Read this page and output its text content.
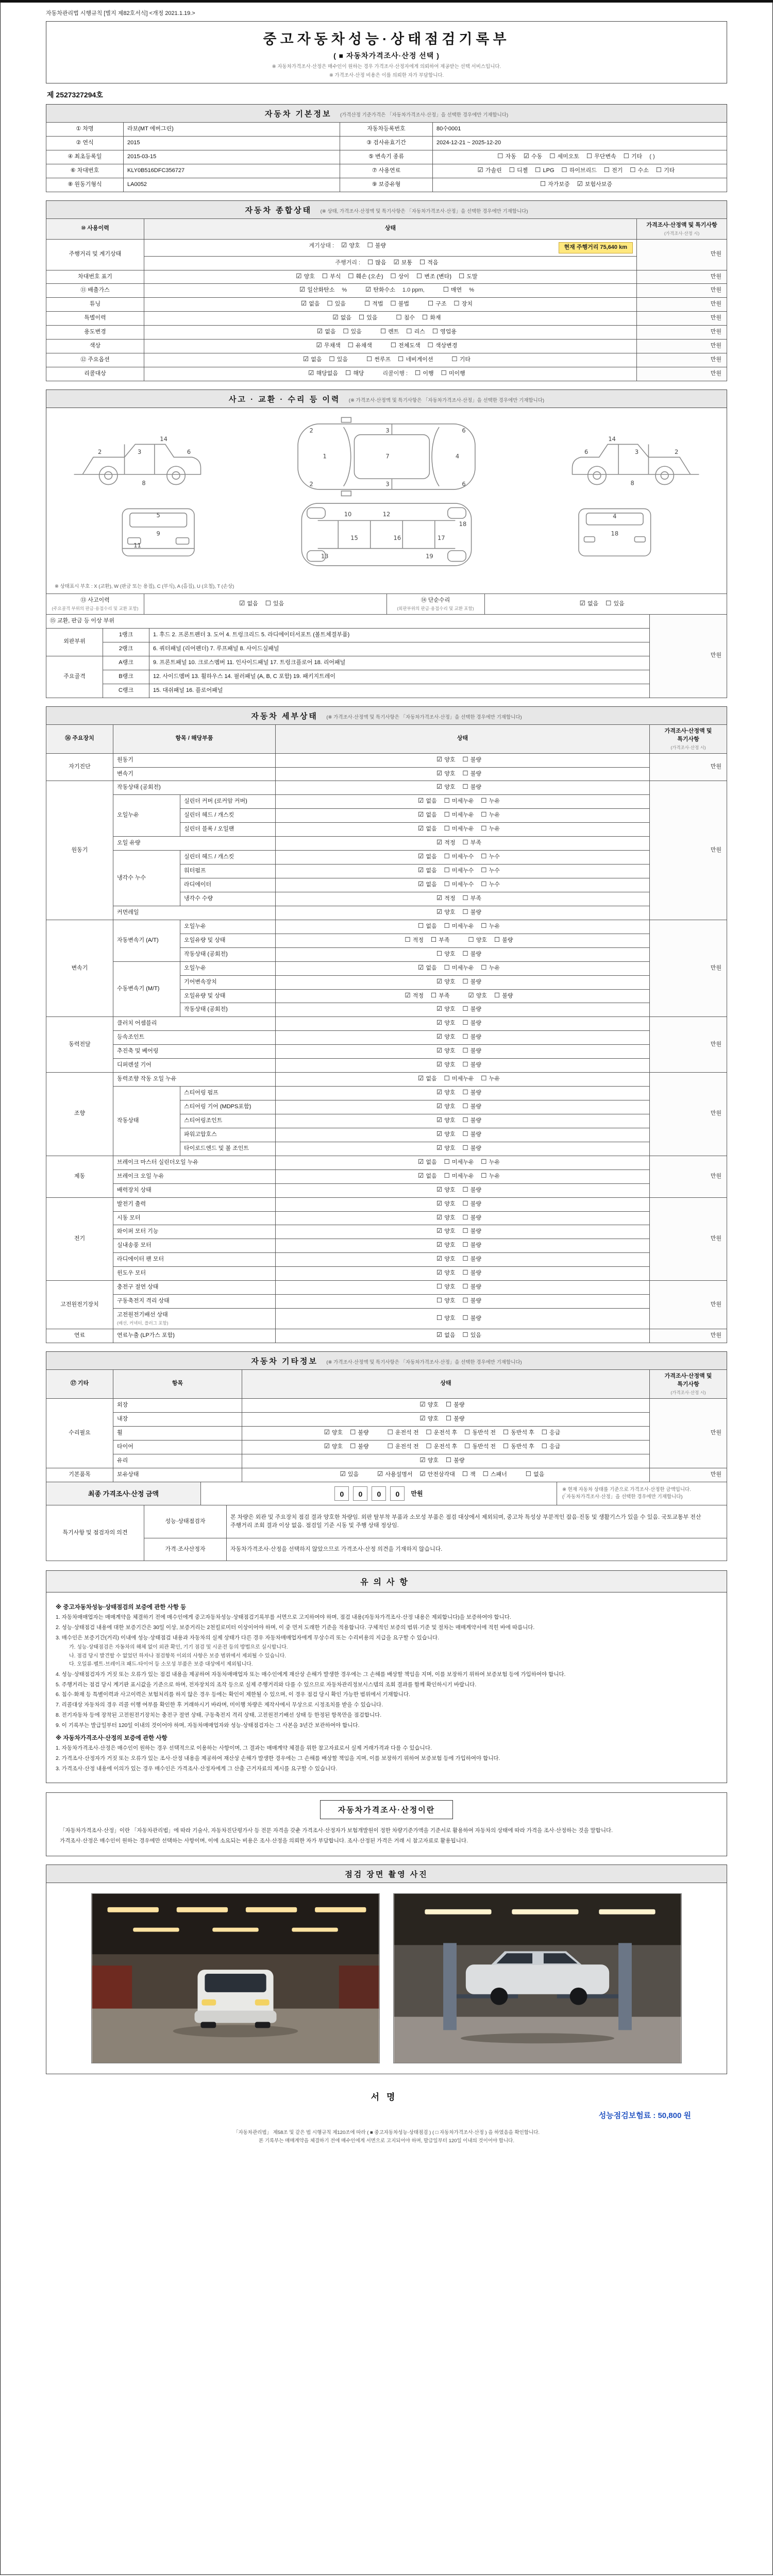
자동차관리법 시행규칙 [별지 제82호서식] <개정 2021.1.19.>
중고자동차성능·상태점검기록부
( ■ 자동차가격조사·산정 선택 )
※ 자동차가격조사·산정은 매수인이 원하는 경우 가격조사·산정자에게 의뢰하여 제공받는 선택 서비스입니다.
※ 가격조사·산정 비용은 이를 의뢰한 자가 부담합니다.
제 2527327294호
자동차 기본정보 (가격산정 기준가격은 「자동차가격조사·산정」을 선택한 경우에만 기재합니다)
① 차명	라보(MT 에버그린)	자동차등록번호	80수0001
② 연식	2015	③ 검사유효기간	2024-12-21 ~ 2025-12-20
④ 최초등록일	2015-03-15	⑤ 변속기 종류	☐ 자동 ☑ 수동 ☐ 세미오토 ☐ 무단변속 ☐ 기타 ( )

⑥ 차대번호	KLY0B516DFC356727	⑦ 사용연료	☑ 가솔린 ☐ 디젤 ☐ LPG ☐ 하이브리드 ☐ 전기 ☐ 수소 ☐ 기타

⑧ 원동기형식	LA0052	⑨ 보증유형	☐ 자가보증 ☑ 보험사보증
자동차 종합상태 (※ 상태, 가격조사·산정액 및 특기사항은 「자동차가격조사·산정」을 선택한 경우에만 기재합니다)
⑩ 사용이력	상태	가격조사·산정액 및 특기사항
(가격조사·산정 시)

주행거리 및 계기상태	현재 주행거리 75,640 km
계기상태 : ☑ 양호 ☐ 불량	만원

	주행거리 : ☐ 많음 ☑ 보통 ☐ 적음	

차대번호 표기	☑ 양호 ☐ 부식 ☐ 훼손 (오손) ☐ 상이 ☐ 변조 (변타) ☐ 도말	만원
⑪ 배출가스	☑ 일산화탄소 %	☑ 탄화수소 1.0 ppm,	☐ 매연 %	만원
튜닝	☑ 없음 ☐ 있음	☐ 적법 ☐ 불법	☐ 구조 ☐ 장치	만원
특별이력	☑ 없음 ☐ 있음 ☐ 침수 ☐ 화재	만원
용도변경	☑ 없음 ☐ 있음 ☐ 렌트 ☐ 리스 ☐ 영업용	만원
색상	☑ 무채색 ☐ 유채색 ☐ 전체도색 ☐ 색상변경	만원
⑫ 주요옵션	☑ 없음 ☐ 있음 ☐ 썬루프 ☐ 네비게이션 ☐ 기타	만원
리콜대상	☑ 해당없음 ☐ 해당 리콜이행 : ☐ 이행 ☐ 미이행	만원
사고 · 교환 · 수리 등 이력 (※ 가격조사·산정액 및 특기사항은 「자동차가격조사·산정」을 선택한 경우에만 기재합니다)
1	7	4
3
3
2
2
6
6
2	3	6
8
14
6	3	2
8
14
5
9
11
10	12
13
15	16	17
18
19
18
4
※ 상태표시 부호 : X (교환), W (판금 또는 용접), C (부식), A (흠집), U (요철), T (손상)
⑬ 사고이력
(주요골격 부위의 판금·용접수리 및 교환 포함)

☑ 없음 ☐ 있음
	⑭ 단순수리
(외판부위의 판금·용접수리 및 교환 포함)

☑ 없음 ☐ 있음
⑮ 교환, 판금 등 이상 부위			만원
외판부위	1랭크	1. 후드 2. 프론트펜더 3. 도어 4. 트렁크리드 5. 라디에이터서포트 (볼트체결부품)	
	2랭크	6. 쿼터패널 (리어펜더) 7. 루프패널 8. 사이드실패널	
주요골격	A랭크	9. 프론트패널 10. 크로스멤버 11. 인사이드패널 17. 트렁크플로어 18. 리어패널	
	B랭크	12. 사이드멤버 13. 휠하우스 14. 필러패널 (A, B, C 포함) 19. 패키지트레이	
	C랭크	15. 대쉬패널 16. 플로어패널	
자동차 세부상태 (※ 가격조사·산정액 및 특기사항은 「자동차가격조사·산정」을 선택한 경우에만 기재합니다)
⑯ 주요장치	항목 / 해당부품		상태	가격조사·산정액 및 특기사항
(가격조사·산정 시)

자기진단	원동기		☑ 양호 ☐ 불량	만원
	변속기		☑ 양호 ☐ 불량	

원동기	작동상태 (공회전)		☑ 양호 ☐ 불량	만원
	오일누유	실린더 커버 (로커암 커버)	☑ 없음 ☐ 미세누유 ☐ 누유	

		실린더 헤드 / 개스킷	☑ 없음 ☐ 미세누유 ☐ 누유	

		실린더 블록 / 오일팬	☑ 없음 ☐ 미세누유 ☐ 누유	

	오일 유량		☑ 적정 ☐ 부족	

	냉각수 누수	실린더 헤드 / 개스킷	☑ 없음 ☐ 미세누수 ☐ 누수	

		워터펌프	☑ 없음 ☐ 미세누수 ☐ 누수	

		라디에이터	☑ 없음 ☐ 미세누수 ☐ 누수	

		냉각수 수량	☑ 적정 ☐ 부족	

	커먼레일		☑ 양호 ☐ 불량	

변속기	자동변속기 (A/T)	오일누유	☐ 없음 ☐ 미세누유 ☐ 누유	만원
		오일유량 및 상태	☐ 적정 ☐ 부족 ☐ 양호 ☐ 불량	

		작동상태 (공회전)	☐ 양호 ☐ 불량	

	수동변속기 (M/T)	오일누유	☑ 없음 ☐ 미세누유 ☐ 누유	

		기어변속장치	☑ 양호 ☐ 불량	

		오일유량 및 상태	☑ 적정 ☐ 부족 ☑ 양호 ☐ 불량	

		작동상태 (공회전)	☑ 양호 ☐ 불량	

동력전달	클러치 어셈블리		☑ 양호 ☐ 불량	만원
	등속조인트		☑ 양호 ☐ 불량	

	추진축 및 베어링		☑ 양호 ☐ 불량	

	디퍼렌셜 기어		☑ 양호 ☐ 불량	

조향	동력조향 작동 오일 누유		☑ 없음 ☐ 미세누유 ☐ 누유	만원
	작동상태	스티어링 펌프	☑ 양호 ☐ 불량	

		스티어링 기어 (MDPS포함)	☑ 양호 ☐ 불량	

		스티어링조인트	☑ 양호 ☐ 불량	

		파워고압호스	☑ 양호 ☐ 불량	

		타이로드엔드 및 볼 조인트	☑ 양호 ☐ 불량	

제동	브레이크 마스터 실린더오일 누유		☑ 없음 ☐ 미세누유 ☐ 누유	만원
	브레이크 오일 누유		☑ 없음 ☐ 미세누유 ☐ 누유	

	배력장치 상태		☑ 양호 ☐ 불량	

전기	발전기 출력		☑ 양호 ☐ 불량	만원
	시동 모터		☑ 양호 ☐ 불량	

	와이퍼 모터 기능		☑ 양호 ☐ 불량	

	실내송풍 모터		☑ 양호 ☐ 불량	

	라디에이터 팬 모터		☑ 양호 ☐ 불량	

	윈도우 모터		☑ 양호 ☐ 불량	

고전원전기장치	충전구 절연 상태		☐ 양호 ☐ 불량	만원
	구동축전지 격리 상태		☐ 양호 ☐ 불량	

	고전원전기배선 상태
(배선, 커넥터, 플러그 포함)		☐ 양호 ☐ 불량	

연료	연료누출 (LP가스 포함)		☑ 없음 ☐ 있음	만원
자동차 기타정보 (※ 가격조사·산정액 및 특기사항은 「자동차가격조사·산정」을 선택한 경우에만 기재합니다)
⑰ 기타	항목	상태	가격조사·산정액 및 특기사항
(가격조사·산정 시)

수리필요	외장	☑ 양호 ☐ 불량	만원
	내장	☑ 양호 ☐ 불량	

휠	☑ 양호 ☐ 불량	☐ 운전석 전 ☐ 운전석 후 ☐ 동반석 전 ☐ 동반석 후 ☐ 응급

타이어	☑ 양호 ☐ 불량	☐ 운전석 전 ☐ 운전석 후 ☐ 동반석 전 ☐ 동반석 후 ☐ 응급

	유리	☑ 양호 ☐ 불량	

기본품목	보유상태	☑ 있음	☑ 사용설명서 ☑ 안전삼각대 ☐ 잭 ☐ 스패너	☐ 없음	만원
최종 가격조사·산정 금액	0	0	0	0	만원
※ 현재 자동차 상태를 기준으로 가격조사·산정한 금액입니다.
(「자동차가격조사·산정」을 선택한 경우에만 기재합니다)
특기사항 및 점검자의 의견	성능·상태점검자	본 차량은 외관 및 주요장치 점검 결과 양호한 차량임. 외판 탈부착 부품과 소모성 부품은 점검 대상에서 제외되며, 중고차 특성상 부분적인 잡음·진동 및 생활기스가 있을 수 있음. 국토교통부 전산 주행거리 조회 결과 이상 없음. 점검일 기준 시동 및 주행 상태 정상임.
	가격·조사산정자	자동차가격조사·산정을 선택하지 않았으므로 가격조사·산정 의견을 기재하지 않습니다.
유의사항
※ 중고자동차성능·상태점검의 보증에 관한 사항 등
1. 자동차매매업자는 매매계약을 체결하기 전에 매수인에게 중고자동차성능·상태점검기록부를 서면으로 고지하여야 하며, 점검 내용(자동차가격조사·산정 내용은 제외합니다)을 보증하여야 합니다.
2. 성능·상태점검 내용에 대한 보증기간은 30일 이상, 보증거리는 2천킬로미터 이상이어야 하며, 이 중 먼저 도래한 기준을 적용합니다. 구체적인 보증의 범위·기준 및 절차는 매매계약서에 적힌 바에 따릅니다.
3. 매수인은 보증기간(거리) 이내에 성능·상태점검 내용과 자동차의 실제 상태가 다른 경우 자동차매매업자에게 무상수리 또는 수리비용의 지급을 요구할 수 있습니다.
가. 성능·상태점검은 자동차의 해체 없이 외관 확인, 기기 점검 및 시운전 등의 방법으로 실시합니다.
나. 점검 당시 발견할 수 없었던 하자나 점검항목 이외의 사항은 보증 범위에서 제외될 수 있습니다.
다. 오일류·벨트·브레이크 패드·타이어 등 소모성 부품은 보증 대상에서 제외됩니다.
4. 성능·상태점검자가 거짓 또는 오류가 있는 점검 내용을 제공하여 자동차매매업자 또는 매수인에게 재산상 손해가 발생한 경우에는 그 손해를 배상할 책임을 지며, 이를 보장하기 위하여 보증보험 등에 가입하여야 합니다.
5. 주행거리는 점검 당시 계기판 표시값을 기준으로 하며, 전자장치의 조작 등으로 실제 주행거리와 다를 수 있으므로 자동차관리정보시스템의 조회 결과를 함께 확인하시기 바랍니다.
6. 침수·화재 등 특별이력과 사고이력은 보험처리를 하지 않은 경우 등에는 확인이 제한될 수 있으며, 이 경우 점검 당시 확인 가능한 범위에서 기재합니다.
7. 리콜대상 자동차의 경우 리콜 이행 여부를 확인한 후 거래하시기 바라며, 미이행 차량은 제작사에서 무상으로 시정조치를 받을 수 있습니다.
8. 전기자동차 등에 장착된 고전원전기장치는 충전구 절연 상태, 구동축전지 격리 상태, 고전원전기배선 상태 등 한정된 항목만을 점검합니다.
9. 이 기록부는 발급일부터 120일 이내의 것이어야 하며, 자동차매매업자와 성능·상태점검자는 그 사본을 3년간 보관하여야 합니다.
※ 자동차가격조사·산정의 보증에 관한 사항
1. 자동차가격조사·산정은 매수인이 원하는 경우 선택적으로 이용하는 사항이며, 그 결과는 매매계약 체결을 위한 참고자료로서 실제 거래가격과 다를 수 있습니다.
2. 가격조사·산정자가 거짓 또는 오류가 있는 조사·산정 내용을 제공하여 재산상 손해가 발생한 경우에는 그 손해를 배상할 책임을 지며, 이를 보장하기 위하여 보증보험 등에 가입하여야 합니다.
3. 가격조사·산정 내용에 이의가 있는 경우 매수인은 가격조사·산정자에게 그 산출 근거자료의 제시를 요구할 수 있습니다.
자동차가격조사·산정이란

「자동차가격조사·산정」이란 「자동차관리법」에 따라 기술사, 자동차진단평가사 등 전문 자격을 갖춘 가격조사·산정자가 보험개발원이 정한 차량기준가액을 기준서로 활용하여 자동차의 상태에 따라 가격을 조사·산정하는 것을 말합니다.

가격조사·산정은 매수인이 원하는 경우에만 선택하는 사항이며, 이에 소요되는 비용은 조사·산정을 의뢰한 자가 부담합니다. 조사·산정된 가격은 거래 시 참고자료로 활용됩니다.

점검 장면 촬영 사진
서명
성능점검보험료 : 50,800 원
「자동차관리법」 제58조 및 같은 법 시행규칙 제120조에 따라 ( ■ 중고자동차성능·상태점검 ) ( □ 자동차가격조사·산정 ) 을 하였음을 확인합니다.
본 기록부는 매매계약을 체결하기 전에 매수인에게 서면으로 고지되어야 하며, 발급일부터 120일 이내의 것이어야 합니다.
